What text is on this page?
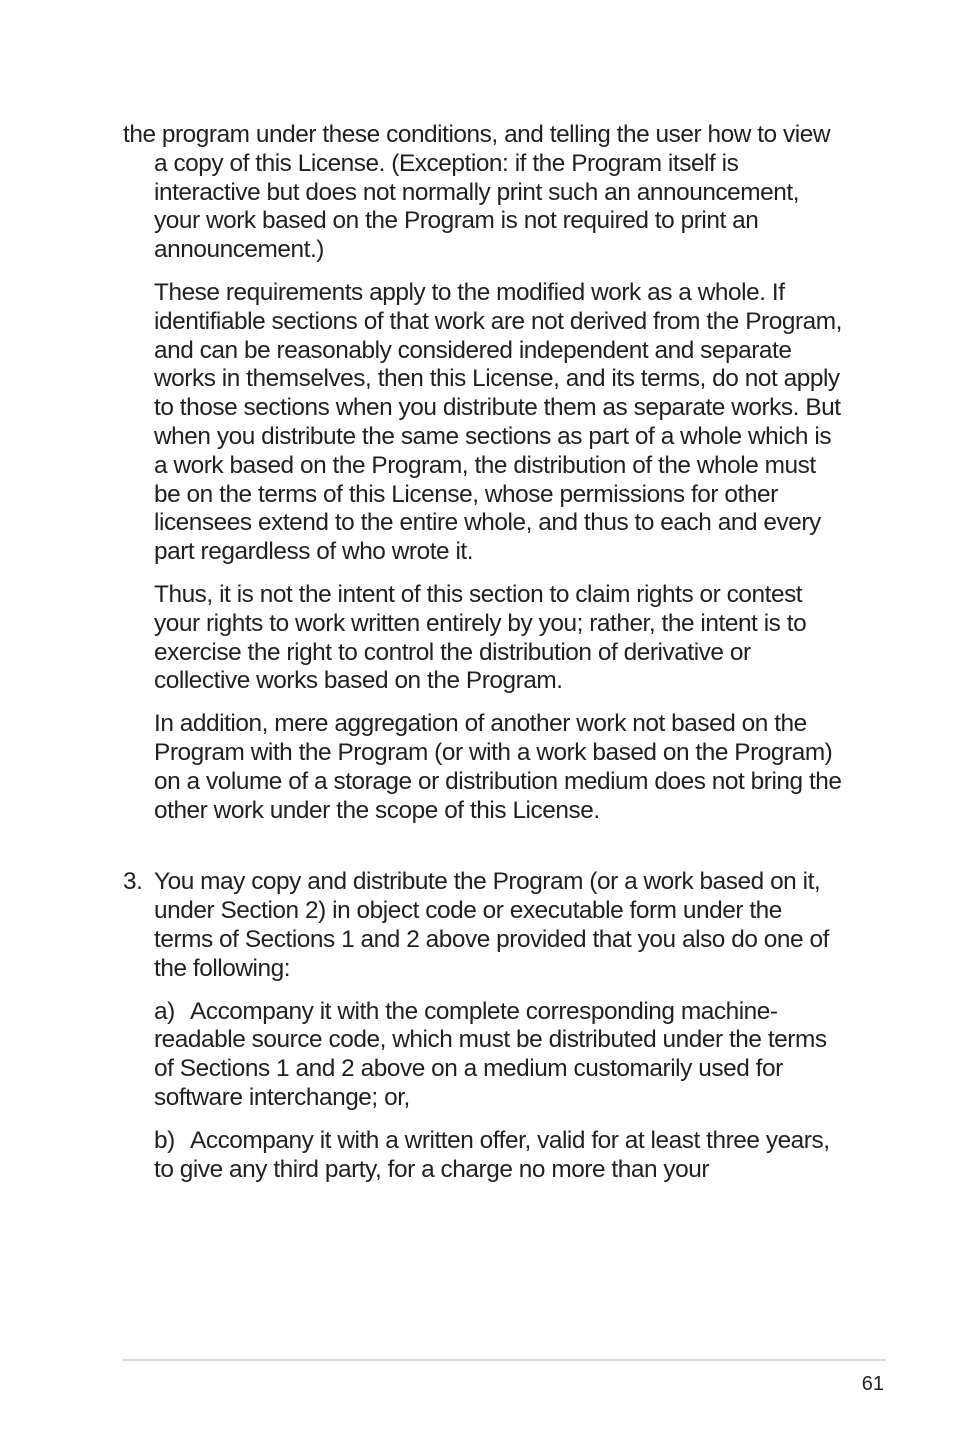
the program under these conditions, and telling the user how to view a copy of this License. (Exception: if the Program itself is interactive but does not normally print such an announcement, your work based on the Program is not required to print an announcement.)

These requirements apply to the modified work as a whole. If identifiable sections of that work are not derived from the Program, and can be reasonably considered independent and separate works in themselves, then this License, and its terms, do not apply to those sections when you distribute them as separate works. But when you distribute the same sections as part of a whole which is a work based on the Program, the distribution of the whole must be on the terms of this License, whose permissions for other licensees extend to the entire whole, and thus to each and every part regardless of who wrote it.

Thus, it is not the intent of this section to claim rights or contest your rights to work written entirely by you; rather, the intent is to exercise the right to control the distribution of derivative or collective works based on the Program.

In addition, mere aggregation of another work not based on the Program with the Program (or with a work based on the Program) on a volume of a storage or distribution medium does not bring the other work under the scope of this License.

3. You may copy and distribute the Program (or a work based on it, under Section 2) in object code or executable form under the terms of Sections 1 and 2 above provided that you also do one of the following:

a) Accompany it with the complete corresponding machine-readable source code, which must be distributed under the terms of Sections 1 and 2 above on a medium customarily used for software interchange; or,

b) Accompany it with a written offer, valid for at least three years, to give any third party, for a charge no more than your

61
